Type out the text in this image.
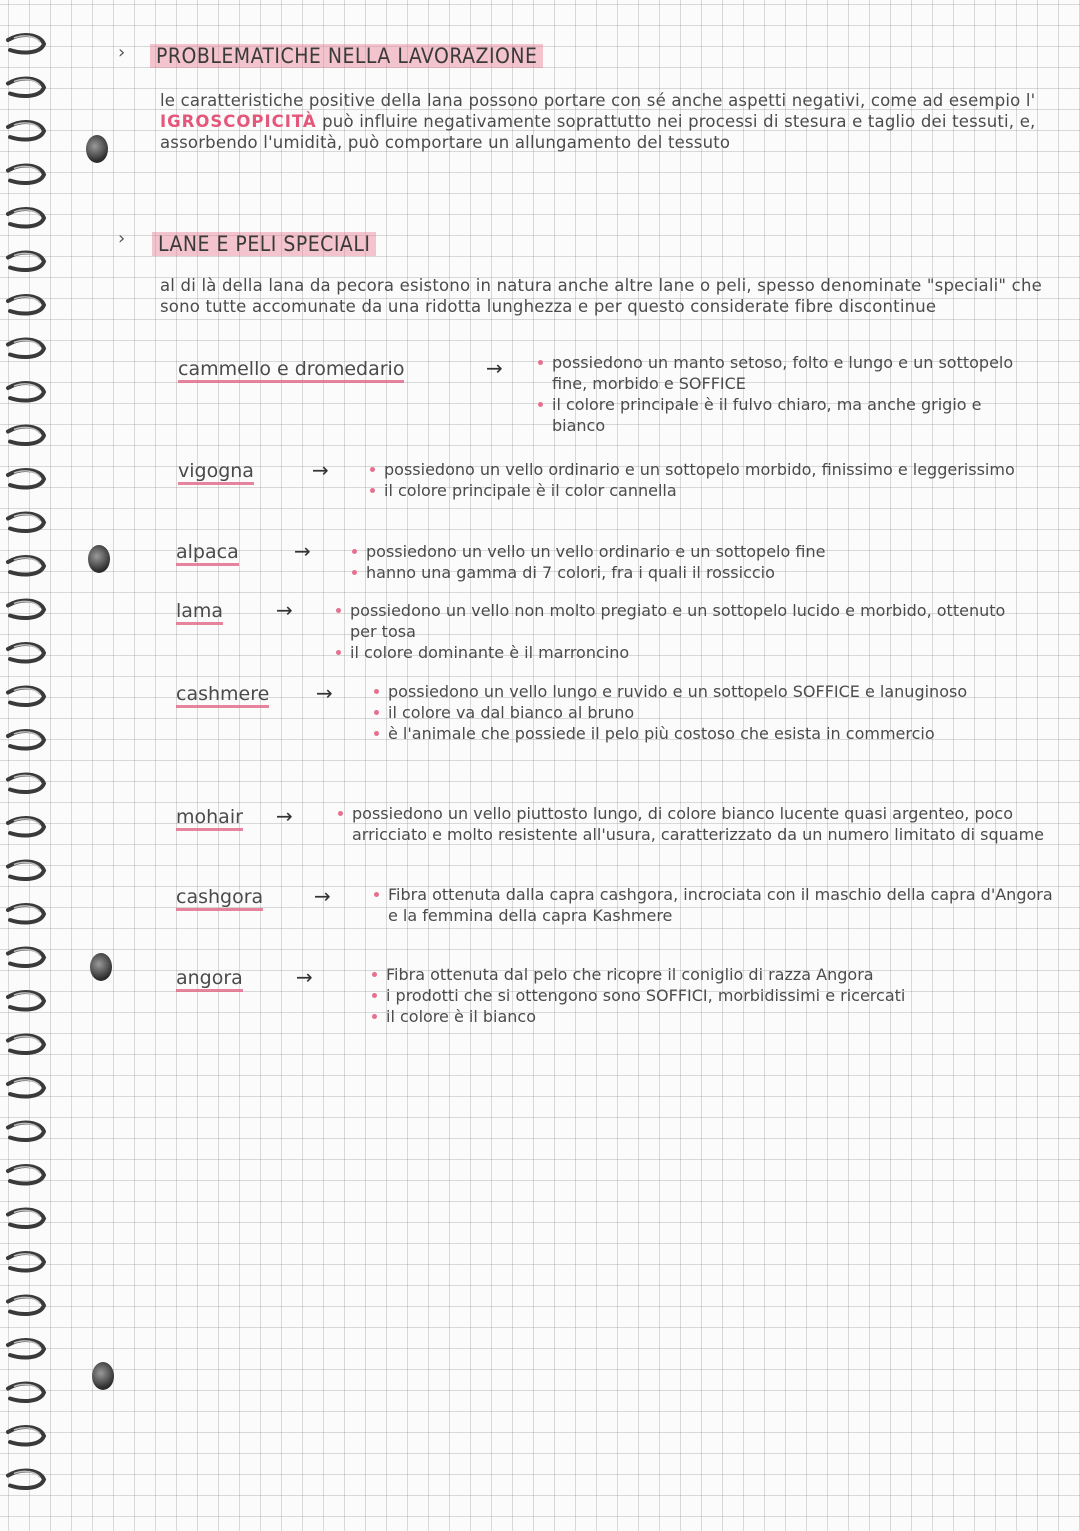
› PROBLEMATICHE NELLA LAVORAZIONE
le caratteristiche positive della lana possono portare con sé anche aspetti negativi, come ad esempio l' IGROSCOPICITÀ può influire negativamente soprattutto nei processi di stesura e taglio dei tessuti, e, assorbendo l'umidità, può comportare un allungamento del tessuto
› LANE E PELI SPECIALI
al di là della lana da pecora esistono in natura anche altre lane o peli, spesso denominate "speciali" che sono tutte accomunate da una ridotta lunghezza e per questo considerate fibre discontinue
cammello e dromedario	→	possiedono un manto setoso, folto e lungo e un sottopelo fine, morbido e SOFFICE
il colore principale è il fulvo chiaro, ma anche grigio e bianco
vigogna	→	possiedono un vello ordinario e un sottopelo morbido, finissimo e leggerissimo
il colore principale è il color cannella
alpaca	→	possiedono un vello un vello ordinario e un sottopelo fine
hanno una gamma di 7 colori, fra i quali il rossiccio
lama	→	possiedono un vello non molto pregiato e un sottopelo lucido e morbido, ottenuto per tosa
il colore dominante è il marroncino
cashmere →	possiedono un vello lungo e ruvido e un sottopelo SOFFICE e lanuginoso
il colore va dal bianco al bruno
è l'animale che possiede il pelo più costoso che esista in commercio
mohair →	possiedono un vello piuttosto lungo, di colore bianco lucente quasi argenteo, poco arricciato e molto resistente all'usura, caratterizzato da un numero limitato di squame
cashgora	→	Fibra ottenuta dalla capra cashgora, incrociata con il maschio della capra d'Angora e la femmina della capra Kashmere
angora	→	Fibra ottenuta dal pelo che ricopre il coniglio di razza Angora
i prodotti che si ottengono sono SOFFICI, morbidissimi e ricercati
il colore è il bianco
